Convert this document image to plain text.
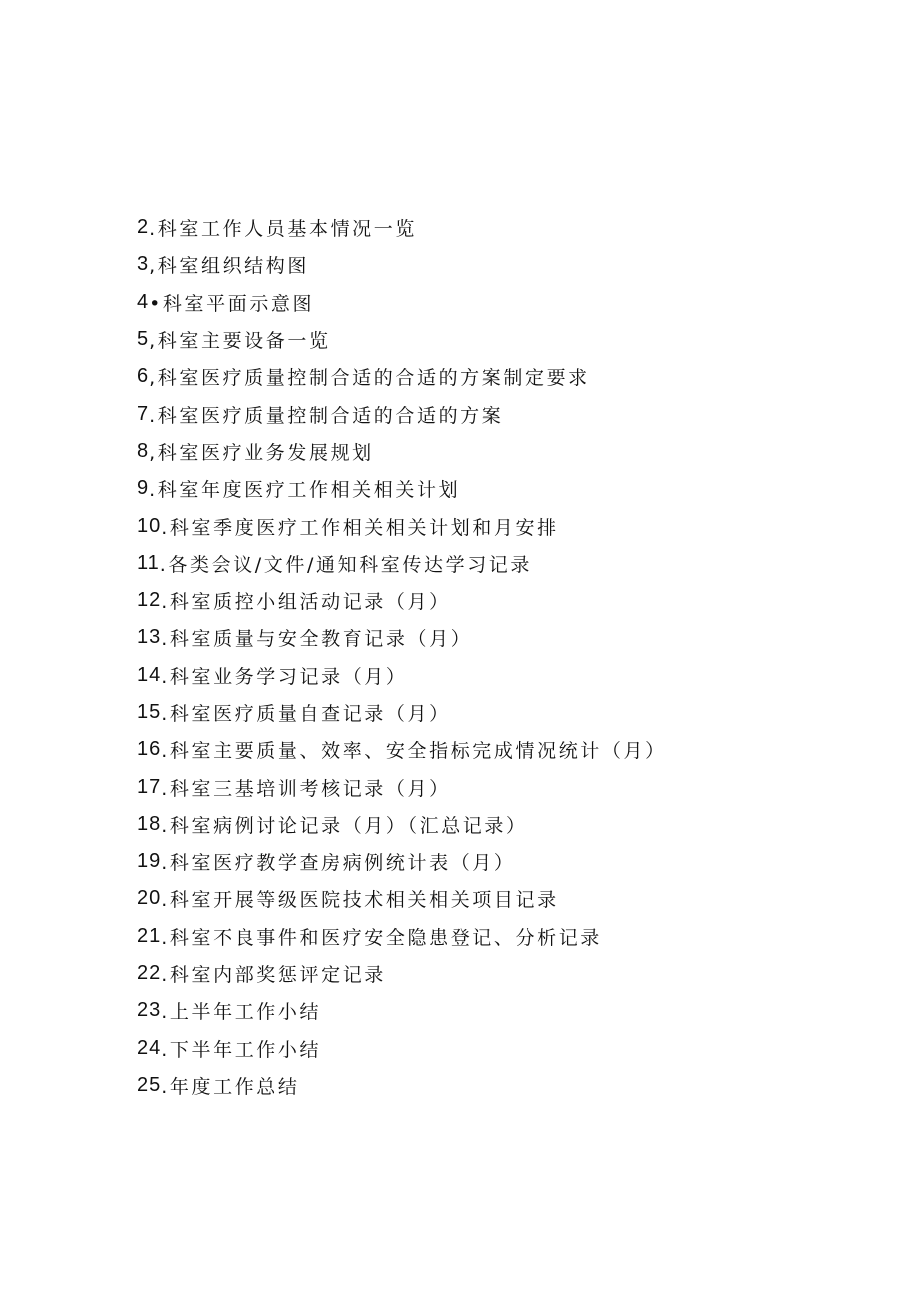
2 .科室工作人员基本情况一览
3 ,科室组织结构图
4 •科室平面示意图
5 ,科室主要设备一览
6 ,科室医疗质量控制合适的合适的方案制定要求
7 .科室医疗质量控制合适的合适的方案
8 ,科室医疗业务发展规划
9 .科室年度医疗工作相关相关计划
10 .科室季度医疗工作相关相关计划和月安排
11 .各类会议/文件/通知科室传达学习记录
12 .科室质控小组活动记录（月）
13 .科室质量与安全教育记录（月）
14 .科室业务学习记录（月）
15 .科室医疗质量自查记录（月）
16 .科室主要质量、效率、安全指标完成情况统计（月）
17 .科室三基培训考核记录（月）
18 .科室病例讨论记录（月）（汇总记录）
19 .科室医疗教学查房病例统计表（月）
20 .科室开展等级医院技术相关相关项目记录
21 .科室不良事件和医疗安全隐患登记、分析记录
22 .科室内部奖惩评定记录
23 .上半年工作小结
24 .下半年工作小结
25 .年度工作总结
